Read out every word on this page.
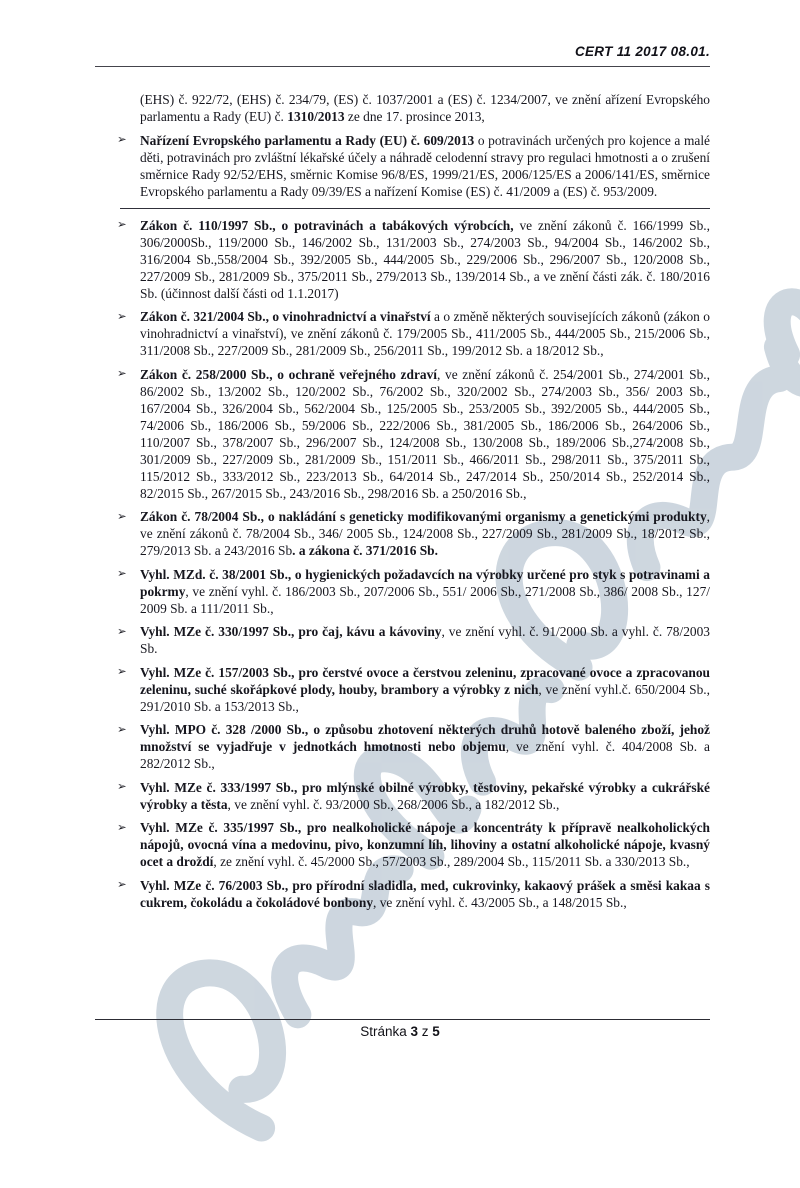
CERT 11 2017 08.01.
(EHS) č. 922/72, (EHS) č. 234/79, (ES) č. 1037/2001 a (ES) č. 1234/2007, ve znění ařízení Evropského parlamentu a Rady (EU) č. 1310/2013 ze dne 17. prosince 2013,
➢ Nařízení Evropského parlamentu a Rady (EU) č. 609/2013 o potravinách určených pro kojence a malé děti, potravinách pro zvláštní lékařské účely a náhradě celodenní stravy pro regulaci hmotnosti a o zrušení směrnice Rady 92/52/EHS, směrnic Komise 96/8/ES, 1999/21/ES, 2006/125/ES a 2006/141/ES, směrnice Evropského parlamentu a Rady 09/39/ES a nařízení Komise (ES) č. 41/2009 a (ES) č. 953/2009.
➢ Zákon č. 110/1997 Sb., o potravinách a tabákových výrobcích, ve znění zákonů č. 166/1999 Sb., 306/2000Sb., 119/2000 Sb., 146/2002 Sb., 131/2003 Sb., 274/2003 Sb., 94/2004 Sb., 146/2002 Sb., 316/2004 Sb.,558/2004 Sb., 392/2005 Sb., 444/2005 Sb., 229/2006 Sb., 296/2007 Sb., 120/2008 Sb., 227/2009 Sb., 281/2009 Sb., 375/2011 Sb., 279/2013 Sb., 139/2014 Sb., a ve znění části zák. č. 180/2016 Sb. (účinnost další části od 1.1.2017)
➢ Zákon č. 321/2004 Sb., o vinohradnictví a vinařství a o změně některých souvisejících zákonů (zákon o vinohradnictví a vinařství), ve znění zákonů č. 179/2005 Sb., 411/2005 Sb., 444/2005 Sb., 215/2006 Sb., 311/2008 Sb., 227/2009 Sb., 281/2009 Sb., 256/2011 Sb., 199/2012 Sb. a 18/2012 Sb.,
➢ Zákon č. 258/2000 Sb., o ochraně veřejného zdraví, ve znění zákonů č. 254/2001 Sb., 274/2001 Sb., 86/2002 Sb., 13/2002 Sb., 120/2002 Sb., 76/2002 Sb., 320/2002 Sb., 274/2003 Sb., 356/ 2003 Sb., 167/2004 Sb., 326/2004 Sb., 562/2004 Sb., 125/2005 Sb., 253/2005 Sb., 392/2005 Sb., 444/2005 Sb., 74/2006 Sb., 186/2006 Sb., 59/2006 Sb., 222/2006 Sb., 381/2005 Sb., 186/2006 Sb., 264/2006 Sb., 110/2007 Sb., 378/2007 Sb., 296/2007 Sb., 124/2008 Sb., 130/2008 Sb., 189/2006 Sb.,274/2008 Sb., 301/2009 Sb., 227/2009 Sb., 281/2009 Sb., 151/2011 Sb., 466/2011 Sb., 298/2011 Sb., 375/2011 Sb., 115/2012 Sb., 333/2012 Sb., 223/2013 Sb., 64/2014 Sb., 247/2014 Sb., 250/2014 Sb., 252/2014 Sb., 82/2015 Sb., 267/2015 Sb., 243/2016 Sb., 298/2016 Sb. a 250/2016 Sb.,
➢ Zákon č. 78/2004 Sb., o nakládání s geneticky modifikovanými organismy a genetickými produkty, ve znění zákonů č. 78/2004 Sb., 346/ 2005 Sb., 124/2008 Sb., 227/2009 Sb., 281/2009 Sb., 18/2012 Sb., 279/2013 Sb. a 243/2016 Sb. a zákona č. 371/2016 Sb.
➢ Vyhl. MZd. č. 38/2001 Sb., o hygienických požadavcích na výrobky určené pro styk s potravinami a pokrmy, ve znění vyhl. č. 186/2003 Sb., 207/2006 Sb., 551/ 2006 Sb., 271/2008 Sb., 386/ 2008 Sb., 127/ 2009 Sb. a 111/2011 Sb.,
➢ Vyhl. MZe č. 330/1997 Sb., pro čaj, kávu a kávoviny, ve znění vyhl. č. 91/2000 Sb. a vyhl. č. 78/2003 Sb.
➢ Vyhl. MZe č. 157/2003 Sb., pro čerstvé ovoce a čerstvou zeleninu, zpracované ovoce a zpracovanou zeleninu, suché skořápkové plody, houby, brambory a výrobky z nich, ve znění vyhl.č. 650/2004 Sb., 291/2010 Sb. a 153/2013 Sb.,
➢ Vyhl. MPO č. 328 /2000 Sb., o způsobu zhotovení některých druhů hotově baleného zboží, jehož množství se vyjadřuje v jednotkách hmotnosti nebo objemu, ve znění vyhl. č. 404/2008 Sb. a 282/2012 Sb.,
➢ Vyhl. MZe č. 333/1997 Sb., pro mlýnské obilné výrobky, těstoviny, pekařské výrobky a cukrářské výrobky a těsta, ve znění vyhl. č. 93/2000 Sb., 268/2006 Sb., a 182/2012 Sb.,
➢ Vyhl. MZe č. 335/1997 Sb., pro nealkoholické nápoje a koncentráty k přípravě nealkoholických nápojů, ovocná vína a medovinu, pivo, konzumní líh, lihoviny a ostatní alkoholické nápoje, kvasný ocet a droždí, ze znění vyhl. č. 45/2000 Sb., 57/2003 Sb., 289/2004 Sb., 115/2011 Sb. a 330/2013 Sb.,
➢ Vyhl. MZe č. 76/2003 Sb., pro přírodní sladidla, med, cukrovinky, kakaový prášek a směsi kakaa s cukrem, čokoládu a čokoládové bonbony, ve znění vyhl. č. 43/2005 Sb., a 148/2015 Sb.,
Stránka 3 z 5
